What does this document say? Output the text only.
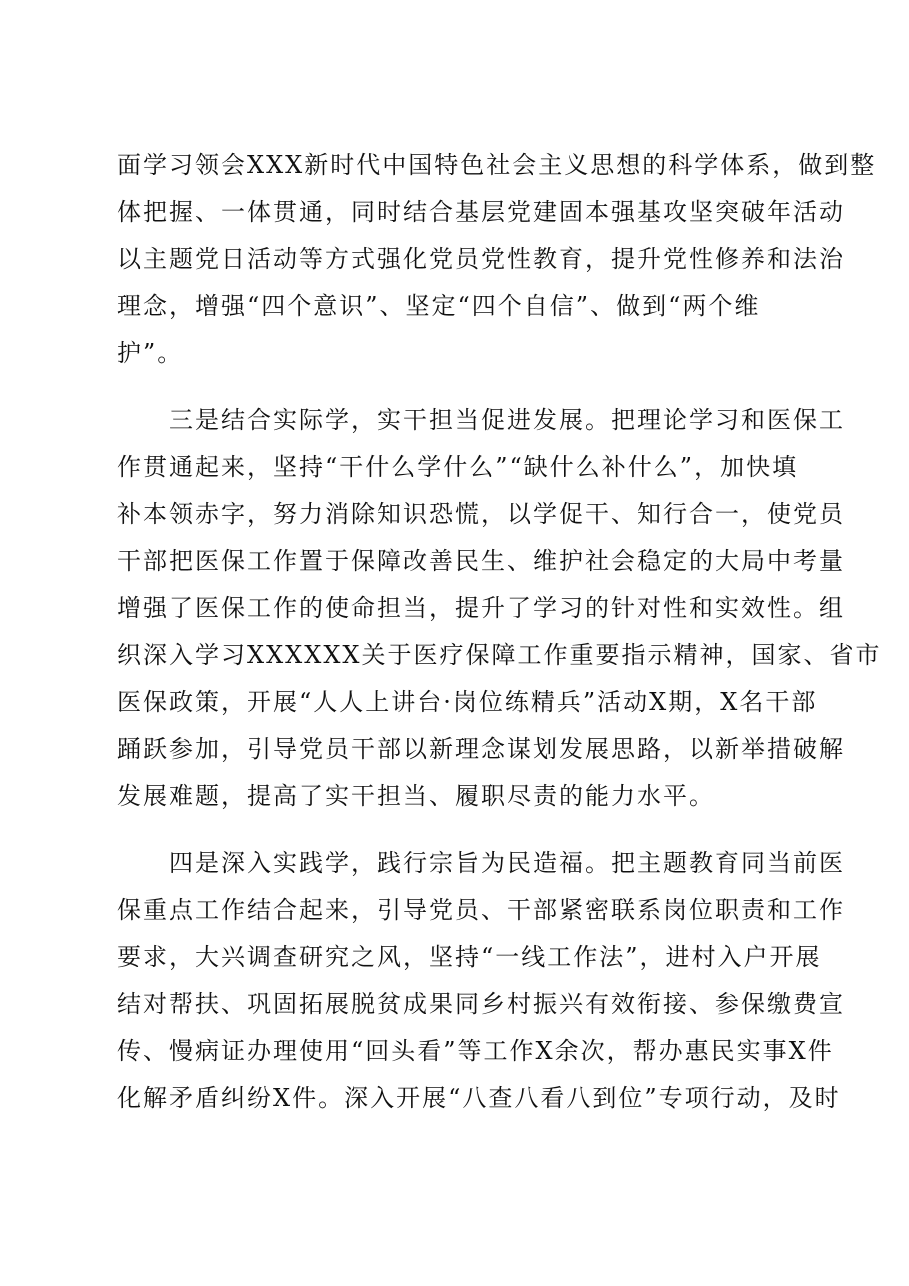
面学习领会XXX新时代中国特色社会主义思想的科学体系，做到整
体把握、一体贯通，同时结合基层党建固本强基攻坚突破年活动
以主题党日活动等方式强化党员党性教育，提升党性修养和法治
理念，增强“四个意识”、坚定“四个自信”、做到“两个维
护”。
　　三是结合实际学，实干担当促进发展。把理论学习和医保工
作贯通起来，坚持“干什么学什么”“缺什么补什么”，加快填
补本领赤字，努力消除知识恐慌，以学促干、知行合一，使党员
干部把医保工作置于保障改善民生、维护社会稳定的大局中考量
增强了医保工作的使命担当，提升了学习的针对性和实效性。组
织深入学习XXXXXX关于医疗保障工作重要指示精神，国家、省市
医保政策，开展“人人上讲台·岗位练精兵”活动X期，X名干部
踊跃参加，引导党员干部以新理念谋划发展思路，以新举措破解
发展难题，提高了实干担当、履职尽责的能力水平。
　　四是深入实践学，践行宗旨为民造福。把主题教育同当前医
保重点工作结合起来，引导党员、干部紧密联系岗位职责和工作
要求，大兴调查研究之风，坚持“一线工作法”，进村入户开展
结对帮扶、巩固拓展脱贫成果同乡村振兴有效衔接、参保缴费宣
传、慢病证办理使用“回头看”等工作X余次，帮办惠民实事X件
化解矛盾纠纷X件。深入开展“八查八看八到位”专项行动，及时
